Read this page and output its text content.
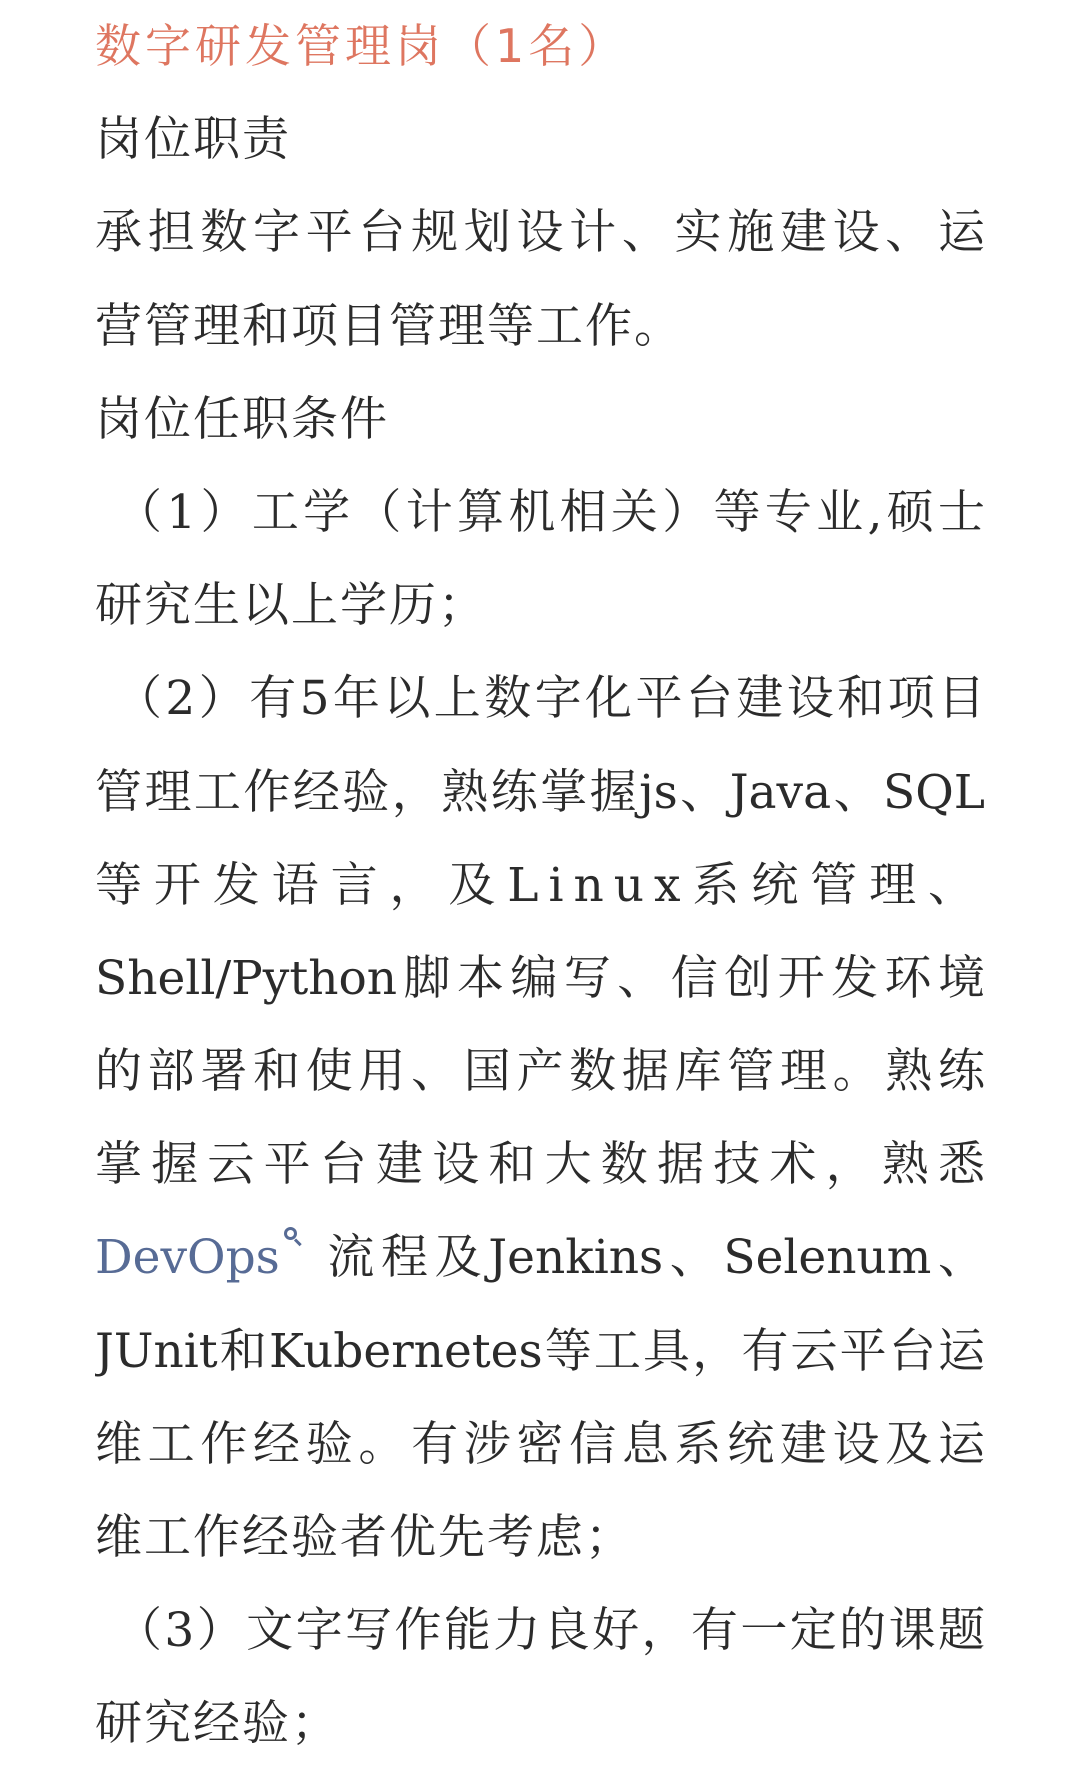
数字研发管理岗（1名）
岗位职责
承担数字平台规划设计、实施建设、运
营管理和项目管理等工作。
岗位任职条件
（1）工学（计算机相关）等专业,硕士
研究生以上学历；
（2）有5年以上数字化平台建设和项目
管理工作经验，熟练掌握js、Java、SQL
等开发语言，及Linux系统管理、
Shell/Python脚本编写、信创开发环境
的部署和使用、国产数据库管理。熟练
掌握云平台建设和大数据技术，熟悉
DevOps 流程及Jenkins、Selenum、
JUnit和Kubernetes等工具，有云平台运
维工作经验。有涉密信息系统建设及运
维工作经验者优先考虑；
（3）文字写作能力良好，有一定的课题
研究经验；
